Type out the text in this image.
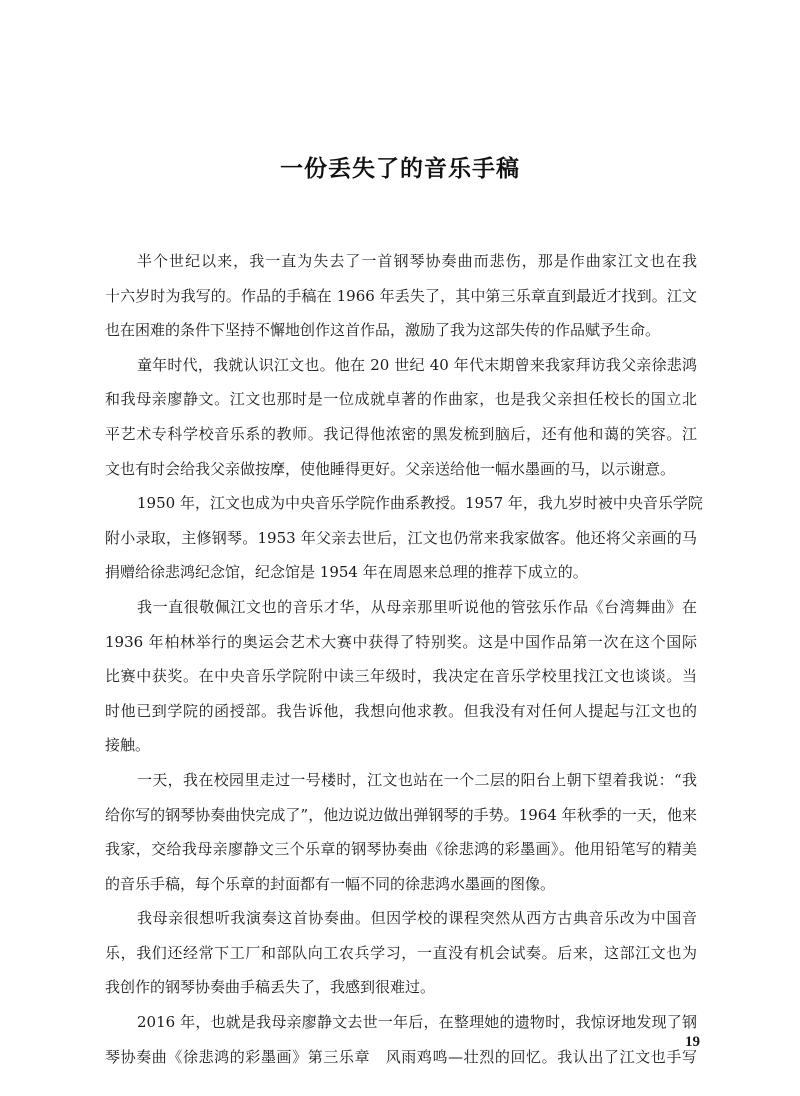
一份丢失了的音乐手稿
半个世纪以来，我一直为失去了一首钢琴协奏曲而悲伤，那是作曲家江文也在我
十六岁时为我写的。作品的手稿在 1966 年丢失了，其中第三乐章直到最近才找到。江文
也在困难的条件下坚持不懈地创作这首作品，激励了我为这部失传的作品赋予生命。
童年时代，我就认识江文也。他在 20 世纪 40 年代末期曾来我家拜访我父亲徐悲鸿
和我母亲廖静文。江文也那时是一位成就卓著的作曲家，也是我父亲担任校长的国立北
平艺术专科学校音乐系的教师。我记得他浓密的黑发梳到脑后，还有他和蔼的笑容。江
文也有时会给我父亲做按摩，使他睡得更好。父亲送给他一幅水墨画的马，以示谢意。
1950 年，江文也成为中央音乐学院作曲系教授。1957 年，我九岁时被中央音乐学院
附小录取，主修钢琴。1953 年父亲去世后，江文也仍常来我家做客。他还将父亲画的马
捐赠给徐悲鸿纪念馆，纪念馆是 1954 年在周恩来总理的推荐下成立的。
我一直很敬佩江文也的音乐才华，从母亲那里听说他的管弦乐作品《台湾舞曲》在
1936 年柏林举行的奥运会艺术大赛中获得了特别奖。这是中国作品第一次在这个国际
比赛中获奖。在中央音乐学院附中读三年级时，我决定在音乐学校里找江文也谈谈。当
时他已到学院的函授部。我告诉他，我想向他求教。但我没有对任何人提起与江文也的
接触。
一天，我在校园里走过一号楼时，江文也站在一个二层的阳台上朝下望着我说：“我
给你写的钢琴协奏曲快完成了”，他边说边做出弹钢琴的手势。1964 年秋季的一天，他来
我家，交给我母亲廖静文三个乐章的钢琴协奏曲《徐悲鸿的彩墨画》。他用铅笔写的精美
的音乐手稿，每个乐章的封面都有一幅不同的徐悲鸿水墨画的图像。
我母亲很想听我演奏这首协奏曲。但因学校的课程突然从西方古典音乐改为中国音
乐，我们还经常下工厂和部队向工农兵学习，一直没有机会试奏。后来，这部江文也为
我创作的钢琴协奏曲手稿丢失了，我感到很难过。
2016 年，也就是我母亲廖静文去世一年后，在整理她的遗物时，我惊讶地发现了钢
琴协奏曲《徐悲鸿的彩墨画》第三乐章　风雨鸡鸣—壮烈的回忆。我认出了江文也手写
19
